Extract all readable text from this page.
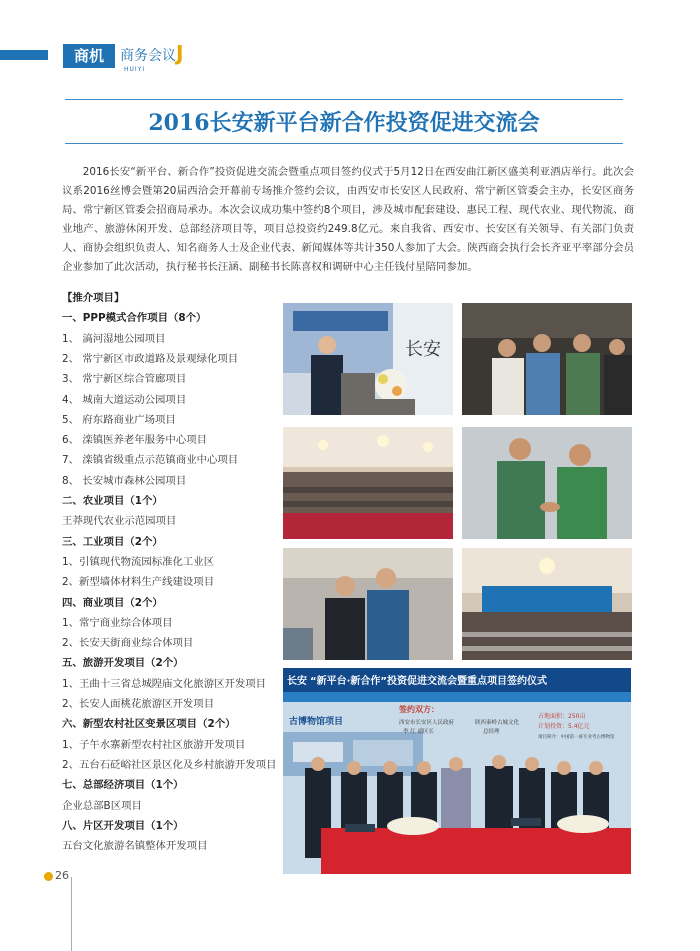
商机	商务会议
HUIYI
J
2016长安新平台新合作投资促进交流会

2016长安“新平台、新合作”投资促进交流会暨重点项目签约仪式于5月12日在西安曲江新区盛美利亚酒店举行。此次会议系2016丝博会暨第20届西洽会开幕前专场推介签约会议，由西安市长安区人民政府、常宁新区管委会主办，长安区商务局、常宁新区管委会招商局承办。本次会议成功集中签约8个项目，涉及城市配套建设、惠民工程、现代农业、现代物流、商业地产、旅游休闲开发、总部经济项目等，项目总投资约249.8亿元。来自我省、西安市、长安区有关领导、有关部门负责人、商协会组织负责人、知名商务人士及企业代表、新闻媒体等共计350人参加了大会。陕西商会执行会长齐亚平率部分会员企业参加了此次活动，执行秘书长汪涵、副秘书长陈喜权和调研中心主任钱付星陪同参加。

【推介项目】
一、PPP模式合作项目（8个）
1、 滈河湿地公园项目
2、 常宁新区市政道路及景观绿化项目
3、 常宁新区综合管廊项目
4、 城南大道运动公园项目
5、 府东路商业广场项目
6、 滦镇医养老年服务中心项目
7、 滦镇省级重点示范镇商业中心项目
8、 长安城市森林公园项目
二、农业项目（1个）
王莽现代农业示范园项目
三、工业项目（2个）
1、引镇现代物流园标准化工业区
2、新型墙体材料生产线建设项目
四、商业项目（2个）
1、常宁商业综合体项目
2、长安天街商业综合体项目
五、旅游开发项目（2个）
1、王曲十三省总城隍庙文化旅游区开发项目
2、长安人面桃花旅游区开发项目
六、新型农村社区变景区项目（2个）
1、子午水寨新型农村社区旅游开发项目
2、五台石砭峪社区景区化及乡村旅游开发项目
七、总部经济项目（1个）
企业总部B区项目
八、片区开发项目（1个）
五台文化旅游名镇整体开发项目
长安
长安 “新平台·新合作”投资促进交流会暨重点项目签约仪式
古博物馆项目
签约双方：
西安市长安区人民政府
李 红 副区长
陕西秦岭古城文化
总经理
占地面积：250亩
计划投资：5.4亿元
项目简介：中国第一座专业考古博物馆
26
